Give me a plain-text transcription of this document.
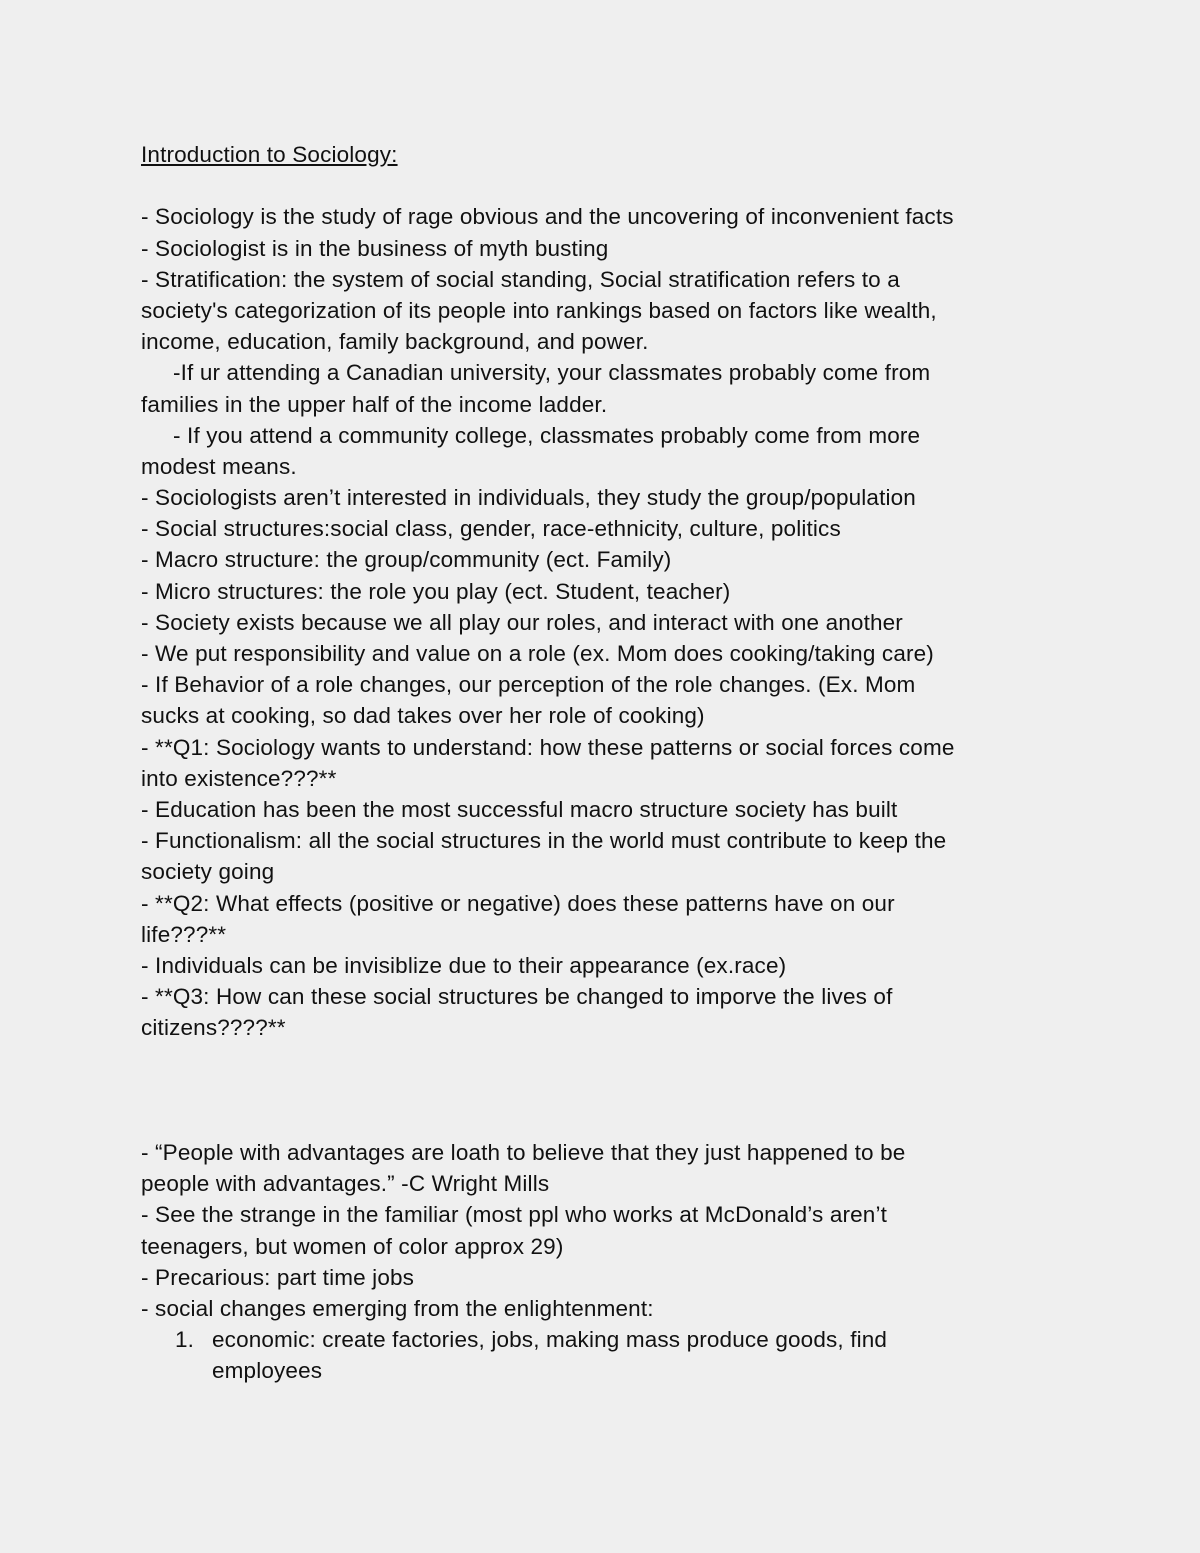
Introduction to Sociology:
- Sociology is the study of rage obvious and the uncovering of inconvenient facts
- Sociologist is in the business of myth busting
- Stratification: the system of social standing, Social stratification refers to a
society's categorization of its people into rankings based on factors like wealth,
income, education, family background, and power.
-If ur attending a Canadian university, your classmates probably come from
families in the upper half of the income ladder.
- If you attend a community college, classmates probably come from more
modest means.
- Sociologists aren’t interested in individuals, they study the group/population
- Social structures:social class, gender, race-ethnicity, culture, politics
- Macro structure: the group/community (ect. Family)
- Micro structures: the role you play (ect. Student, teacher)
- Society exists because we all play our roles, and interact with one another
- We put responsibility and value on a role (ex. Mom does cooking/taking care)
- If Behavior of a role changes, our perception of the role changes. (Ex. Mom
sucks at cooking, so dad takes over her role of cooking)
- **Q1: Sociology wants to understand: how these patterns or social forces come
into existence???**
- Education has been the most successful macro structure society has built
- Functionalism: all the social structures in the world must contribute to keep the
society going
- **Q2: What effects (positive or negative) does these patterns have on our
life???**
- Individuals can be invisiblize due to their appearance (ex.race)
- **Q3: How can these social structures be changed to imporve the lives of
citizens????**
- “People with advantages are loath to believe that they just happened to be
people with advantages.” -C Wright Mills
- See the strange in the familiar (most ppl who works at McDonald’s aren’t
teenagers, but women of color approx 29)
- Precarious: part time jobs
- social changes emerging from the enlightenment:
1. economic: create factories, jobs, making mass produce goods, find
employees
